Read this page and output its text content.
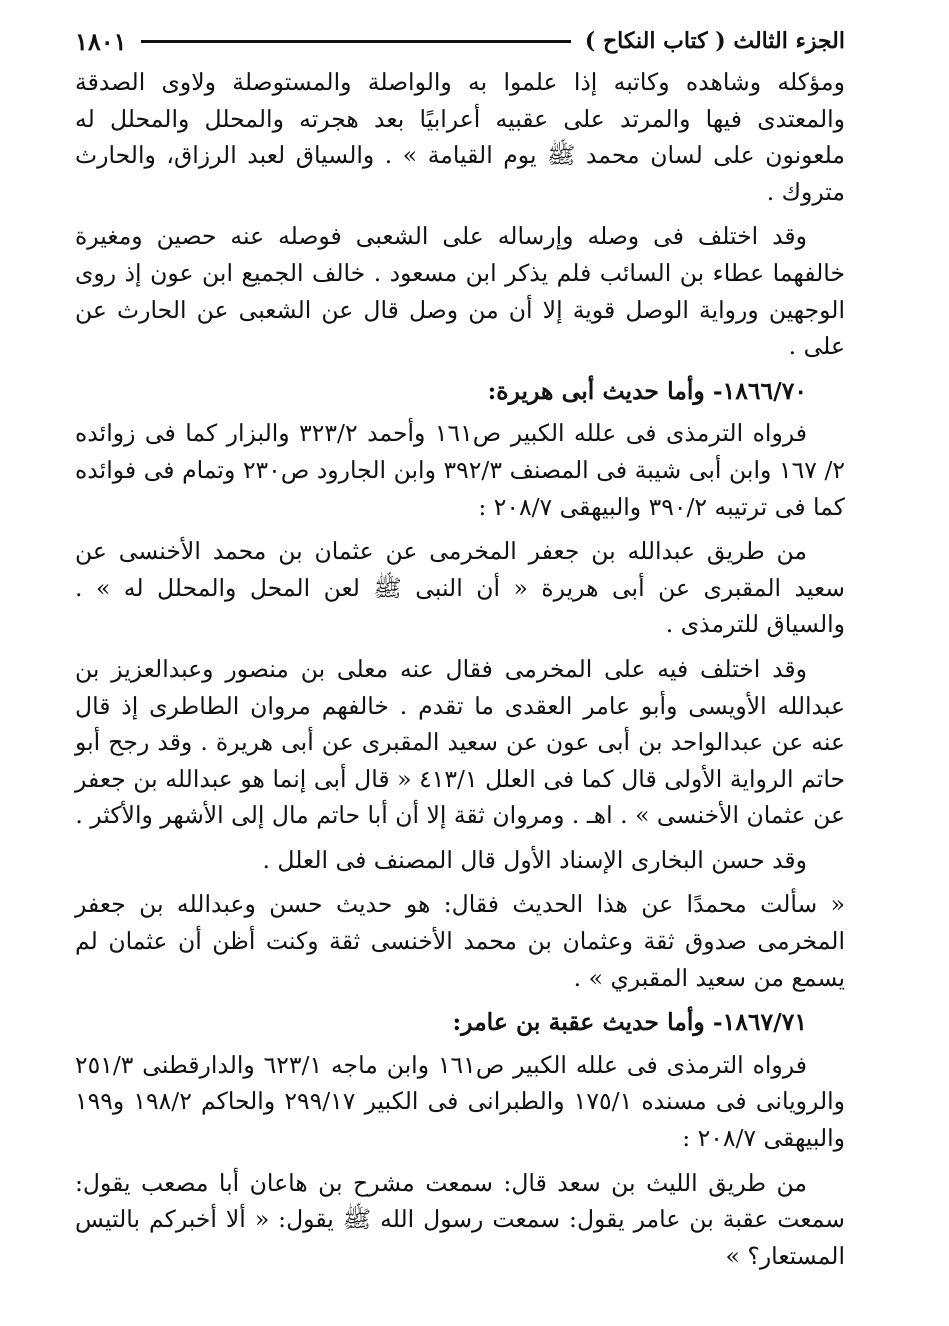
الجزء الثالث ( كتاب النكاح )
١٨٠١

ومؤكله وشاهده وكاتبه إذا علموا به والواصلة والمستوصلة ولاوى الصدقة والمعتدى فيها والمرتد على عقبيه أعرابيًا بعد هجرته والمحلل والمحلل له ملعونون على لسان محمد ﷺ يوم القيامة » . والسياق لعبد الرزاق، والحارث متروك .

وقد اختلف فى وصله وإرساله على الشعبى فوصله عنه حصين ومغيرة خالفهما عطاء بن السائب فلم يذكر ابن مسعود . خالف الجميع ابن عون إذ روى الوجهين ورواية الوصل قوية إلا أن من وصل قال عن الشعبى عن الحارث عن على .

١٨٦٦/٧٠- وأما حديث أبى هريرة:

فرواه الترمذى فى علله الكبير ص١٦١ وأحمد ٣٢٣/٢ والبزار كما فى زوائده ٢/ ١٦٧ وابن أبى شيبة فى المصنف ٣٩٢/٣ وابن الجارود ص٢٣٠ وتمام فى فوائده كما فى ترتيبه ٣٩٠/٢ والبيهقى ٢٠٨/٧ :

من طريق عبدالله بن جعفر المخرمى عن عثمان بن محمد الأخنسى عن سعيد المقبرى عن أبى هريرة « أن النبى ﷺ لعن المحل والمحلل له » . والسياق للترمذى .

وقد اختلف فيه على المخرمى فقال عنه معلى بن منصور وعبدالعزيز بن عبدالله الأويسى وأبو عامر العقدى ما تقدم . خالفهم مروان الطاطرى إذ قال عنه عن عبدالواحد بن أبى عون عن سعيد المقبرى عن أبى هريرة . وقد رجح أبو حاتم الرواية الأولى قال كما فى العلل ٤١٣/١ « قال أبى إنما هو عبدالله بن جعفر عن عثمان الأخنسى » . اهـ . ومروان ثقة إلا أن أبا حاتم مال إلى الأشهر والأكثر .

وقد حسن البخارى الإسناد الأول قال المصنف فى العلل .

« سألت محمدًا عن هذا الحديث فقال: هو حديث حسن وعبدالله بن جعفر المخرمى صدوق ثقة وعثمان بن محمد الأخنسى ثقة وكنت أظن أن عثمان لم يسمع من سعيد المقبري » .

١٨٦٧/٧١- وأما حديث عقبة بن عامر:

فرواه الترمذى فى علله الكبير ص١٦١ وابن ماجه ٦٢٣/١ والدارقطنى ٢٥١/٣ والرويانى فى مسنده ١٧٥/١ والطبرانى فى الكبير ٢٩٩/١٧ والحاكم ١٩٨/٢ و١٩٩ والبيهقى ٢٠٨/٧ :

من طريق الليث بن سعد قال: سمعت مشرح بن هاعان أبا مصعب يقول: سمعت عقبة بن عامر يقول: سمعت رسول الله ﷺ يقول: « ألا أخبركم بالتيس المستعار؟ »
